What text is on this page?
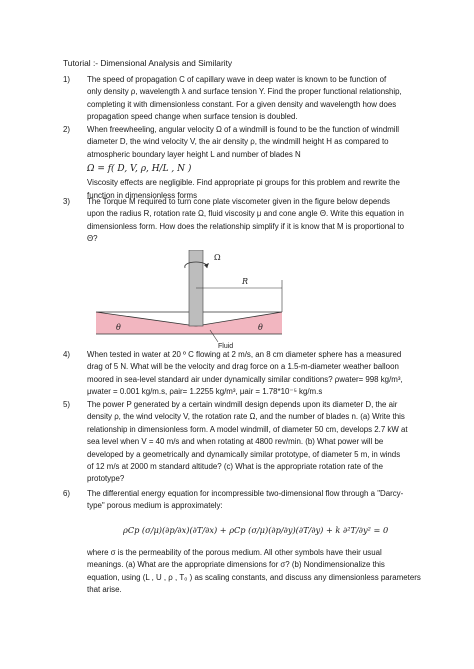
Tutorial :- Dimensional Analysis and Similarity
1)	The speed of propagation C of capillary wave in deep water is known to be function of
only density ρ, wavelength λ and surface tension Y. Find the proper functional relationship,
completing it with dimensionless constant. For a given density and wavelength how does
propagation speed change when surface tension is doubled.
2)	When freewheeling, angular velocity Ω of a windmill is found to be the function of windmill
diameter D, the wind velocity V, the air density ρ, the windmill height H as compared to
atmospheric boundary layer height L and number of blades N
Ω = f( D, V, ρ, H/L , N )
Viscosity effects are negligible. Find appropriate pi groups for this problem and rewrite the
function in dimensionless forms
3)	The Torque M required to turn cone plate viscometer given in the figure below depends
upon the radius R, rotation rate Ω, fluid viscosity μ and cone angle Θ. Write this equation in
dimensionless form. How does the relationship simplify if it is know that M is proportional to
Θ?
Ω
R
θ	θ
Fluid
4)	When tested in water at 20 º C flowing at 2 m/s, an 8 cm diameter sphere has a measured
drag of 5 N. What will be the velocity and drag force on a 1.5-m-diameter weather balloon
moored in sea-level standard air under dynamically similar conditions? ρwater= 998 kg/m³,
μwater = 0.001 kg/m.s, ρair= 1.2255 kg/m³, μair = 1.78*10⁻⁵ kg/m.s
5)	The power P generated by a certain windmill design depends upon its diameter D, the air
density ρ, the wind velocity V, the rotation rate Ω, and the number of blades n. (a) Write this
relationship in dimensionless form. A model windmill, of diameter 50 cm, develops 2.7 kW at
sea level when V = 40 m/s and when rotating at 4800 rev/min. (b) What power will be
developed by a geometrically and dynamically similar prototype, of diameter 5 m, in winds
of 12 m/s at 2000 m standard altitude? (c) What is the appropriate rotation rate of the
prototype?
6)	The differential energy equation for incompressible two-dimensional flow through a "Darcy-
type" porous medium is approximately:
ρCp (σ/μ)(∂p/∂x)(∂T/∂x) + ρCp (σ/μ)(∂p/∂y)(∂T/∂y) + k ∂²T/∂y² = 0
where σ is the permeability of the porous medium. All other symbols have their usual
meanings. (a) What are the appropriate dimensions for σ? (b) Nondimensionalize this
equation, using (L , U , ρ , T₀ ) as scaling constants, and discuss any dimensionless parameters
that arise.
